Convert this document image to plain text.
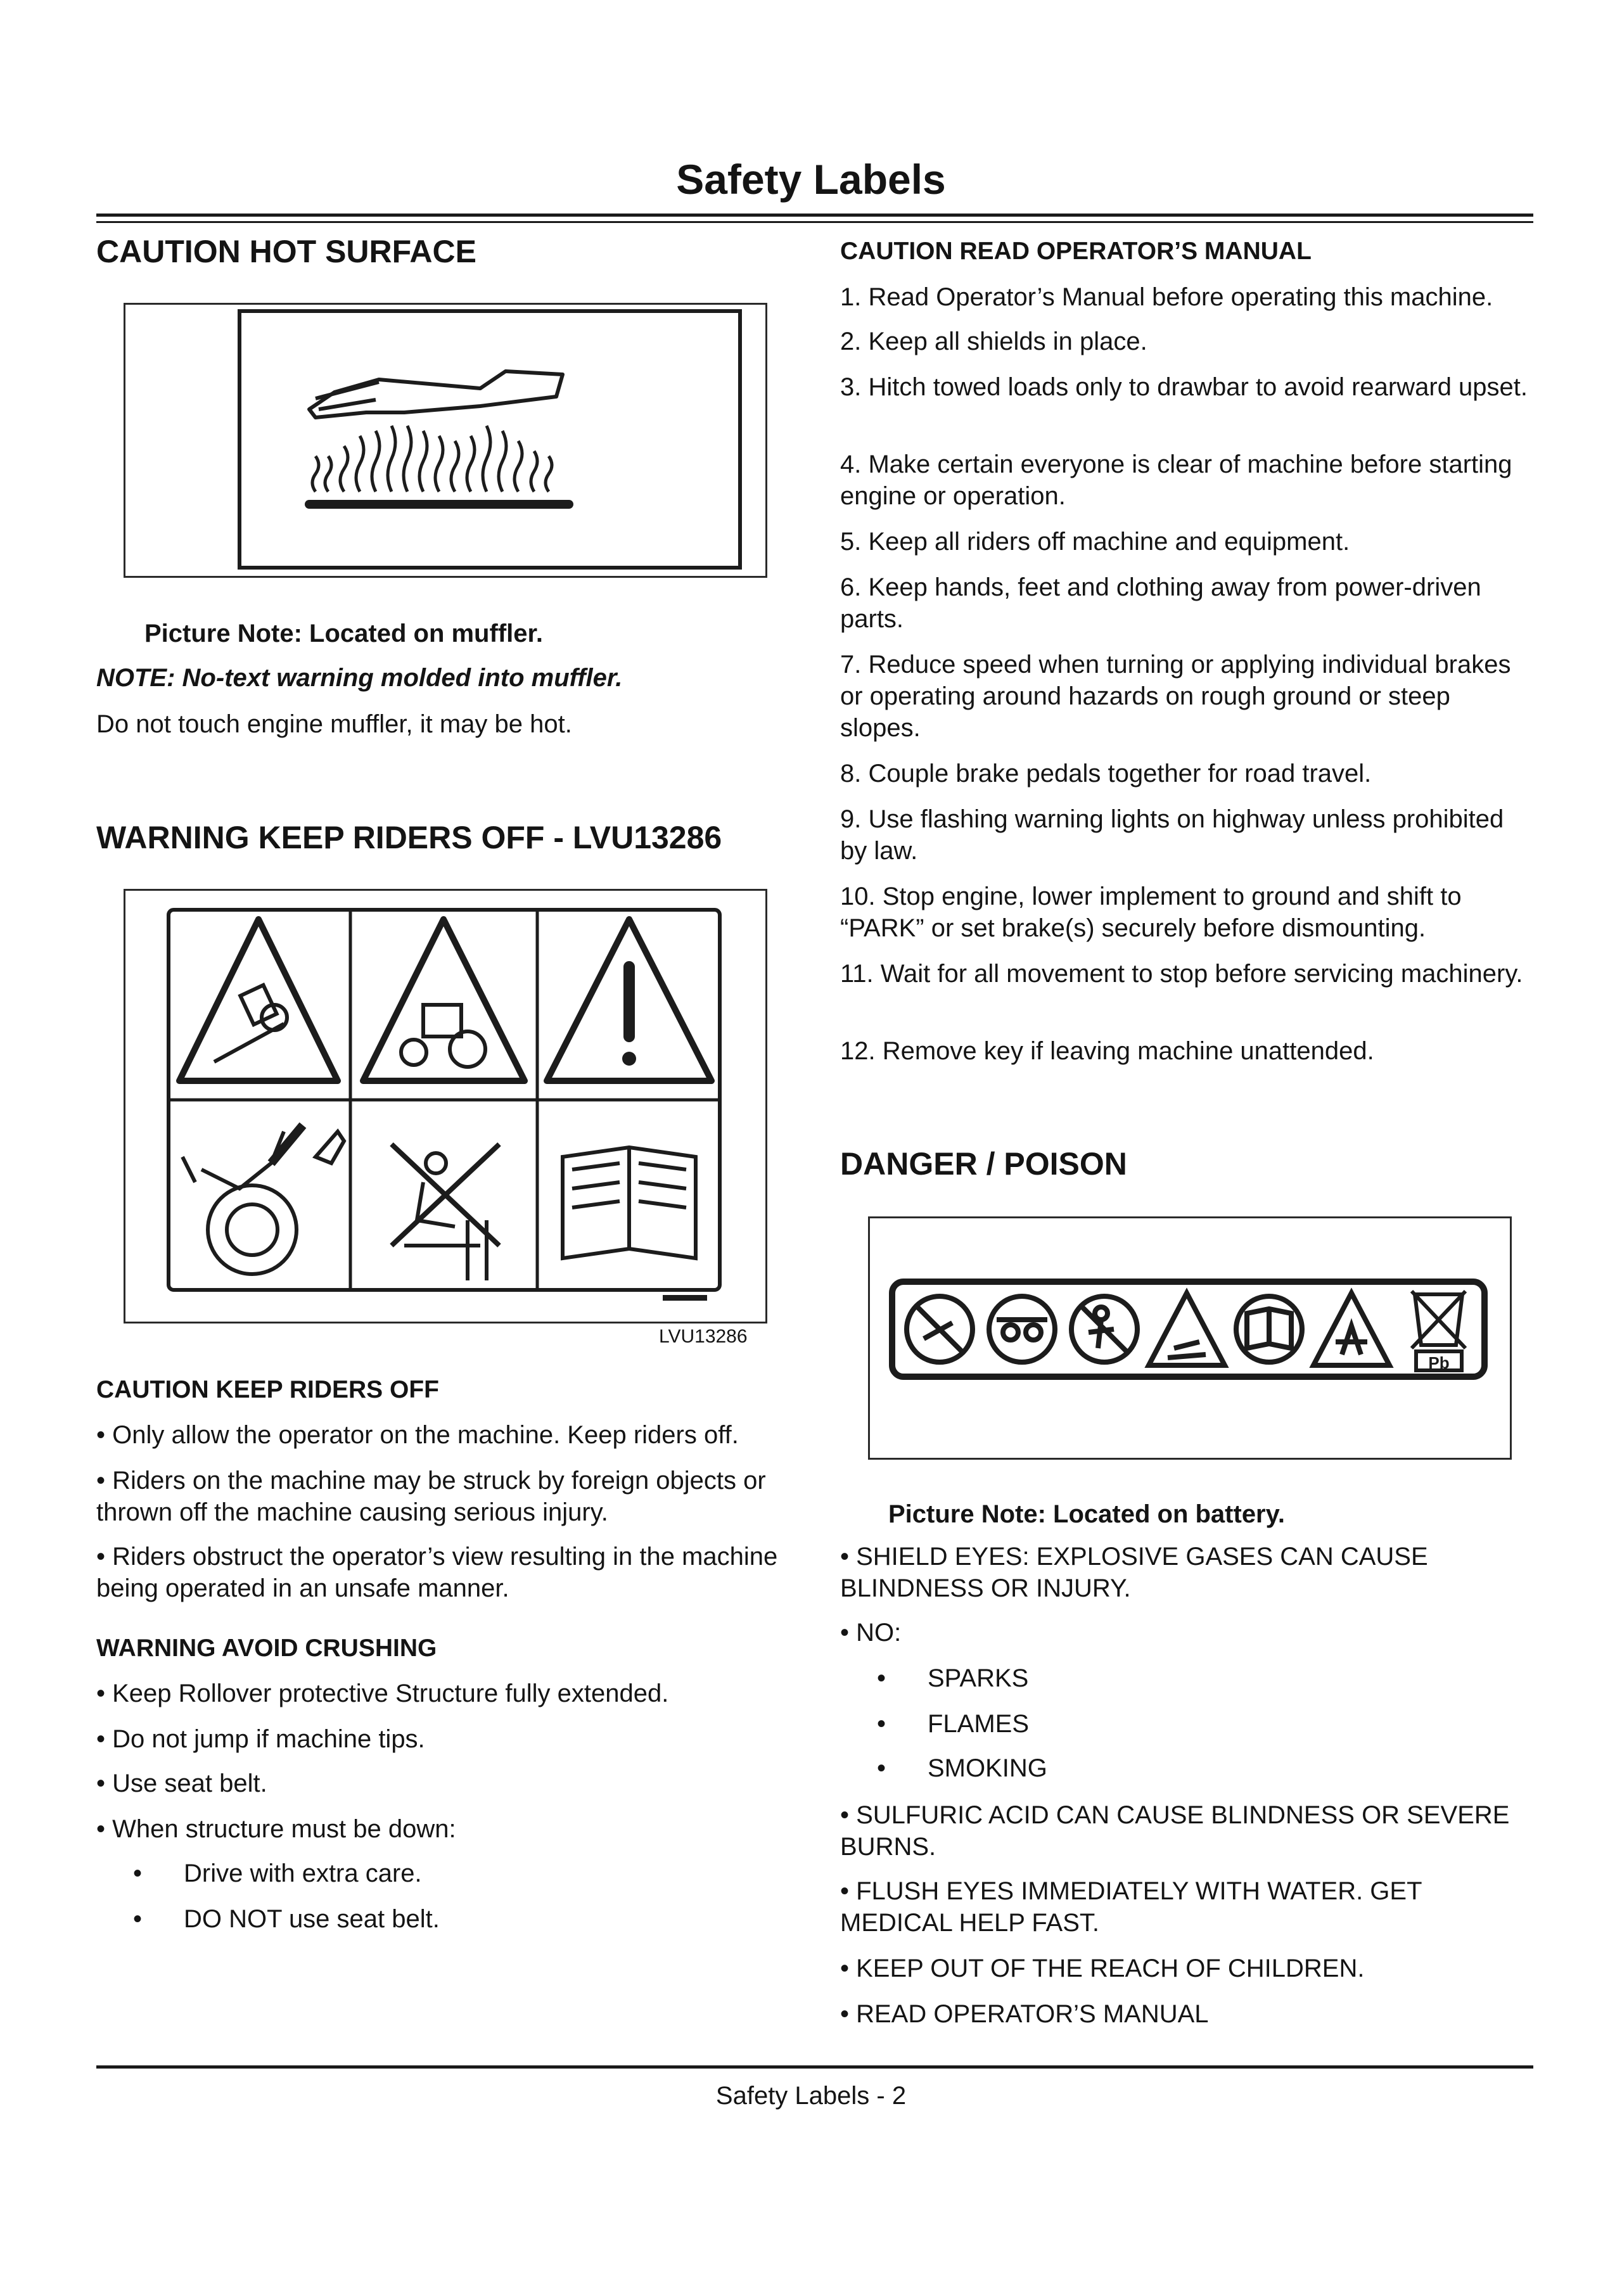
Safety Labels
CAUTION HOT SURFACE
Picture Note: Located on muffler.
NOTE: No-text warning molded into muffler.
Do not touch engine muffler, it may be hot.
WARNING KEEP RIDERS OFF - LVU13286
LVU13286
CAUTION KEEP RIDERS OFF
• Only allow the operator on the machine. Keep riders off.
• Riders on the machine may be struck by foreign objects or thrown off the machine causing serious injury.
• Riders obstruct the operator’s view resulting in the machine being operated in an unsafe manner.
WARNING AVOID CRUSHING
• Keep Rollover protective Structure fully extended.
• Do not jump if machine tips.
• Use seat belt.
• When structure must be down:
• Drive with extra care.
• DO NOT use seat belt.
CAUTION READ OPERATOR’S MANUAL
1. Read Operator’s Manual before operating this machine.
2. Keep all shields in place.
3. Hitch towed loads only to drawbar to avoid rearward upset.
4. Make certain everyone is clear of machine before starting engine or operation.
5. Keep all riders off machine and equipment.
6. Keep hands, feet and clothing away from power-driven parts.
7. Reduce speed when turning or applying individual brakes or operating around hazards on rough ground or steep slopes.
8. Couple brake pedals together for road travel.
9. Use flashing warning lights on highway unless prohibited by law.
10. Stop engine, lower implement to ground and shift to “PARK” or set brake(s) securely before dismounting.
11. Wait for all movement to stop before servicing machinery.
12. Remove key if leaving machine unattended.
DANGER / POISON
Pb
Picture Note: Located on battery.
• SHIELD EYES: EXPLOSIVE GASES CAN CAUSE BLINDNESS OR INJURY.
• NO:
• SPARKS
• FLAMES
• SMOKING
• SULFURIC ACID CAN CAUSE BLINDNESS OR SEVERE BURNS.
• FLUSH EYES IMMEDIATELY WITH WATER. GET MEDICAL HELP FAST.
• KEEP OUT OF THE REACH OF CHILDREN.
• READ OPERATOR’S MANUAL
Safety Labels - 2
